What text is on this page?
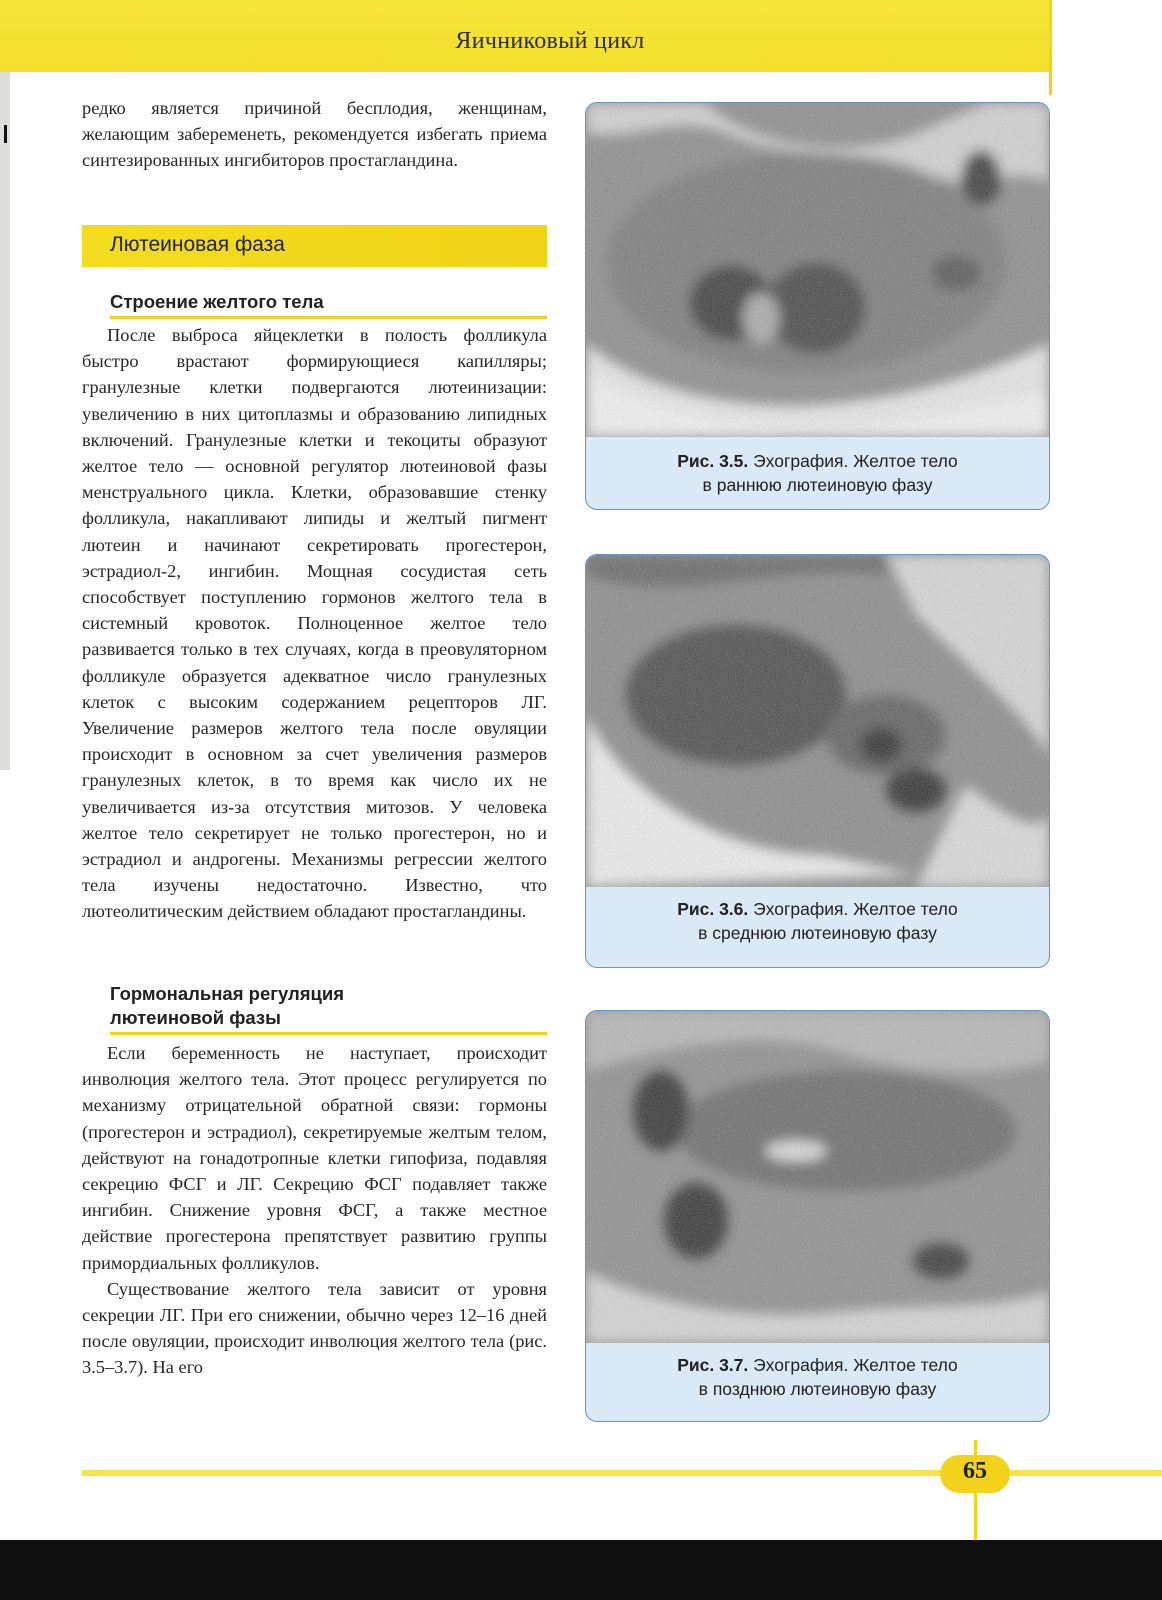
Яичниковый цикл

редко является причиной бесплодия, женщинам, желающим забеременеть, рекомендуется избегать приема синтезированных ингибиторов простагландина.

Лютеиновая фаза
Строение желтого тела

После выброса яйцеклетки в полость фолликула быстро врастают формирующиеся капилляры; гранулезные клетки подвергаются лютеинизации: увеличению в них цитоплазмы и образованию липидных включений. Гранулезные клетки и текоциты образуют желтое тело — основной регулятор лютеиновой фазы менструального цикла. Клетки, образовавшие стенку фолликула, накапливают липиды и желтый пигмент лютеин и начинают секретировать прогестерон, эстрадиол-2, ингибин. Мощная сосудистая сеть способствует поступлению гормонов желтого тела в системный кровоток. Полноценное желтое тело развивается только в тех случаях, когда в преовуляторном фолликуле образуется адекватное число гранулезных клеток с высоким содержанием рецепторов ЛГ. Увеличение размеров желтого тела после овуляции происходит в основном за счет увеличения размеров гранулезных клеток, в то время как число их не увеличивается из-за отсутствия митозов. У человека желтое тело секретирует не только прогестерон, но и эстрадиол и андрогены. Механизмы регрессии желтого тела изучены недостаточно. Известно, что лютеолитическим действием обладают простагландины.

Гормональная регуляция
лютеиновой фазы

Если беременность не наступает, происходит инволюция желтого тела. Этот процесс регулируется по механизму отрицательной обратной связи: гормоны (прогестерон и эстрадиол), секретируемые желтым телом, действуют на гонадотропные клетки гипофиза, подавляя секрецию ФСГ и ЛГ. Секрецию ФСГ подавляет также ингибин. Снижение уровня ФСГ, а также местное действие прогестерона препятствует развитию группы примордиальных фолликулов.

Существование желтого тела зависит от уровня секреции ЛГ. При его снижении, обычно через 12–16 дней после овуляции, происходит инволюция желтого тела (рис. 3.5–3.7). На его

Рис. 3.5. Эхография. Желтое тело
в раннюю лютеиновую фазу
Рис. 3.6. Эхография. Желтое тело
в среднюю лютеиновую фазу
Рис. 3.7. Эхография. Желтое тело
в позднюю лютеиновую фазу
65
